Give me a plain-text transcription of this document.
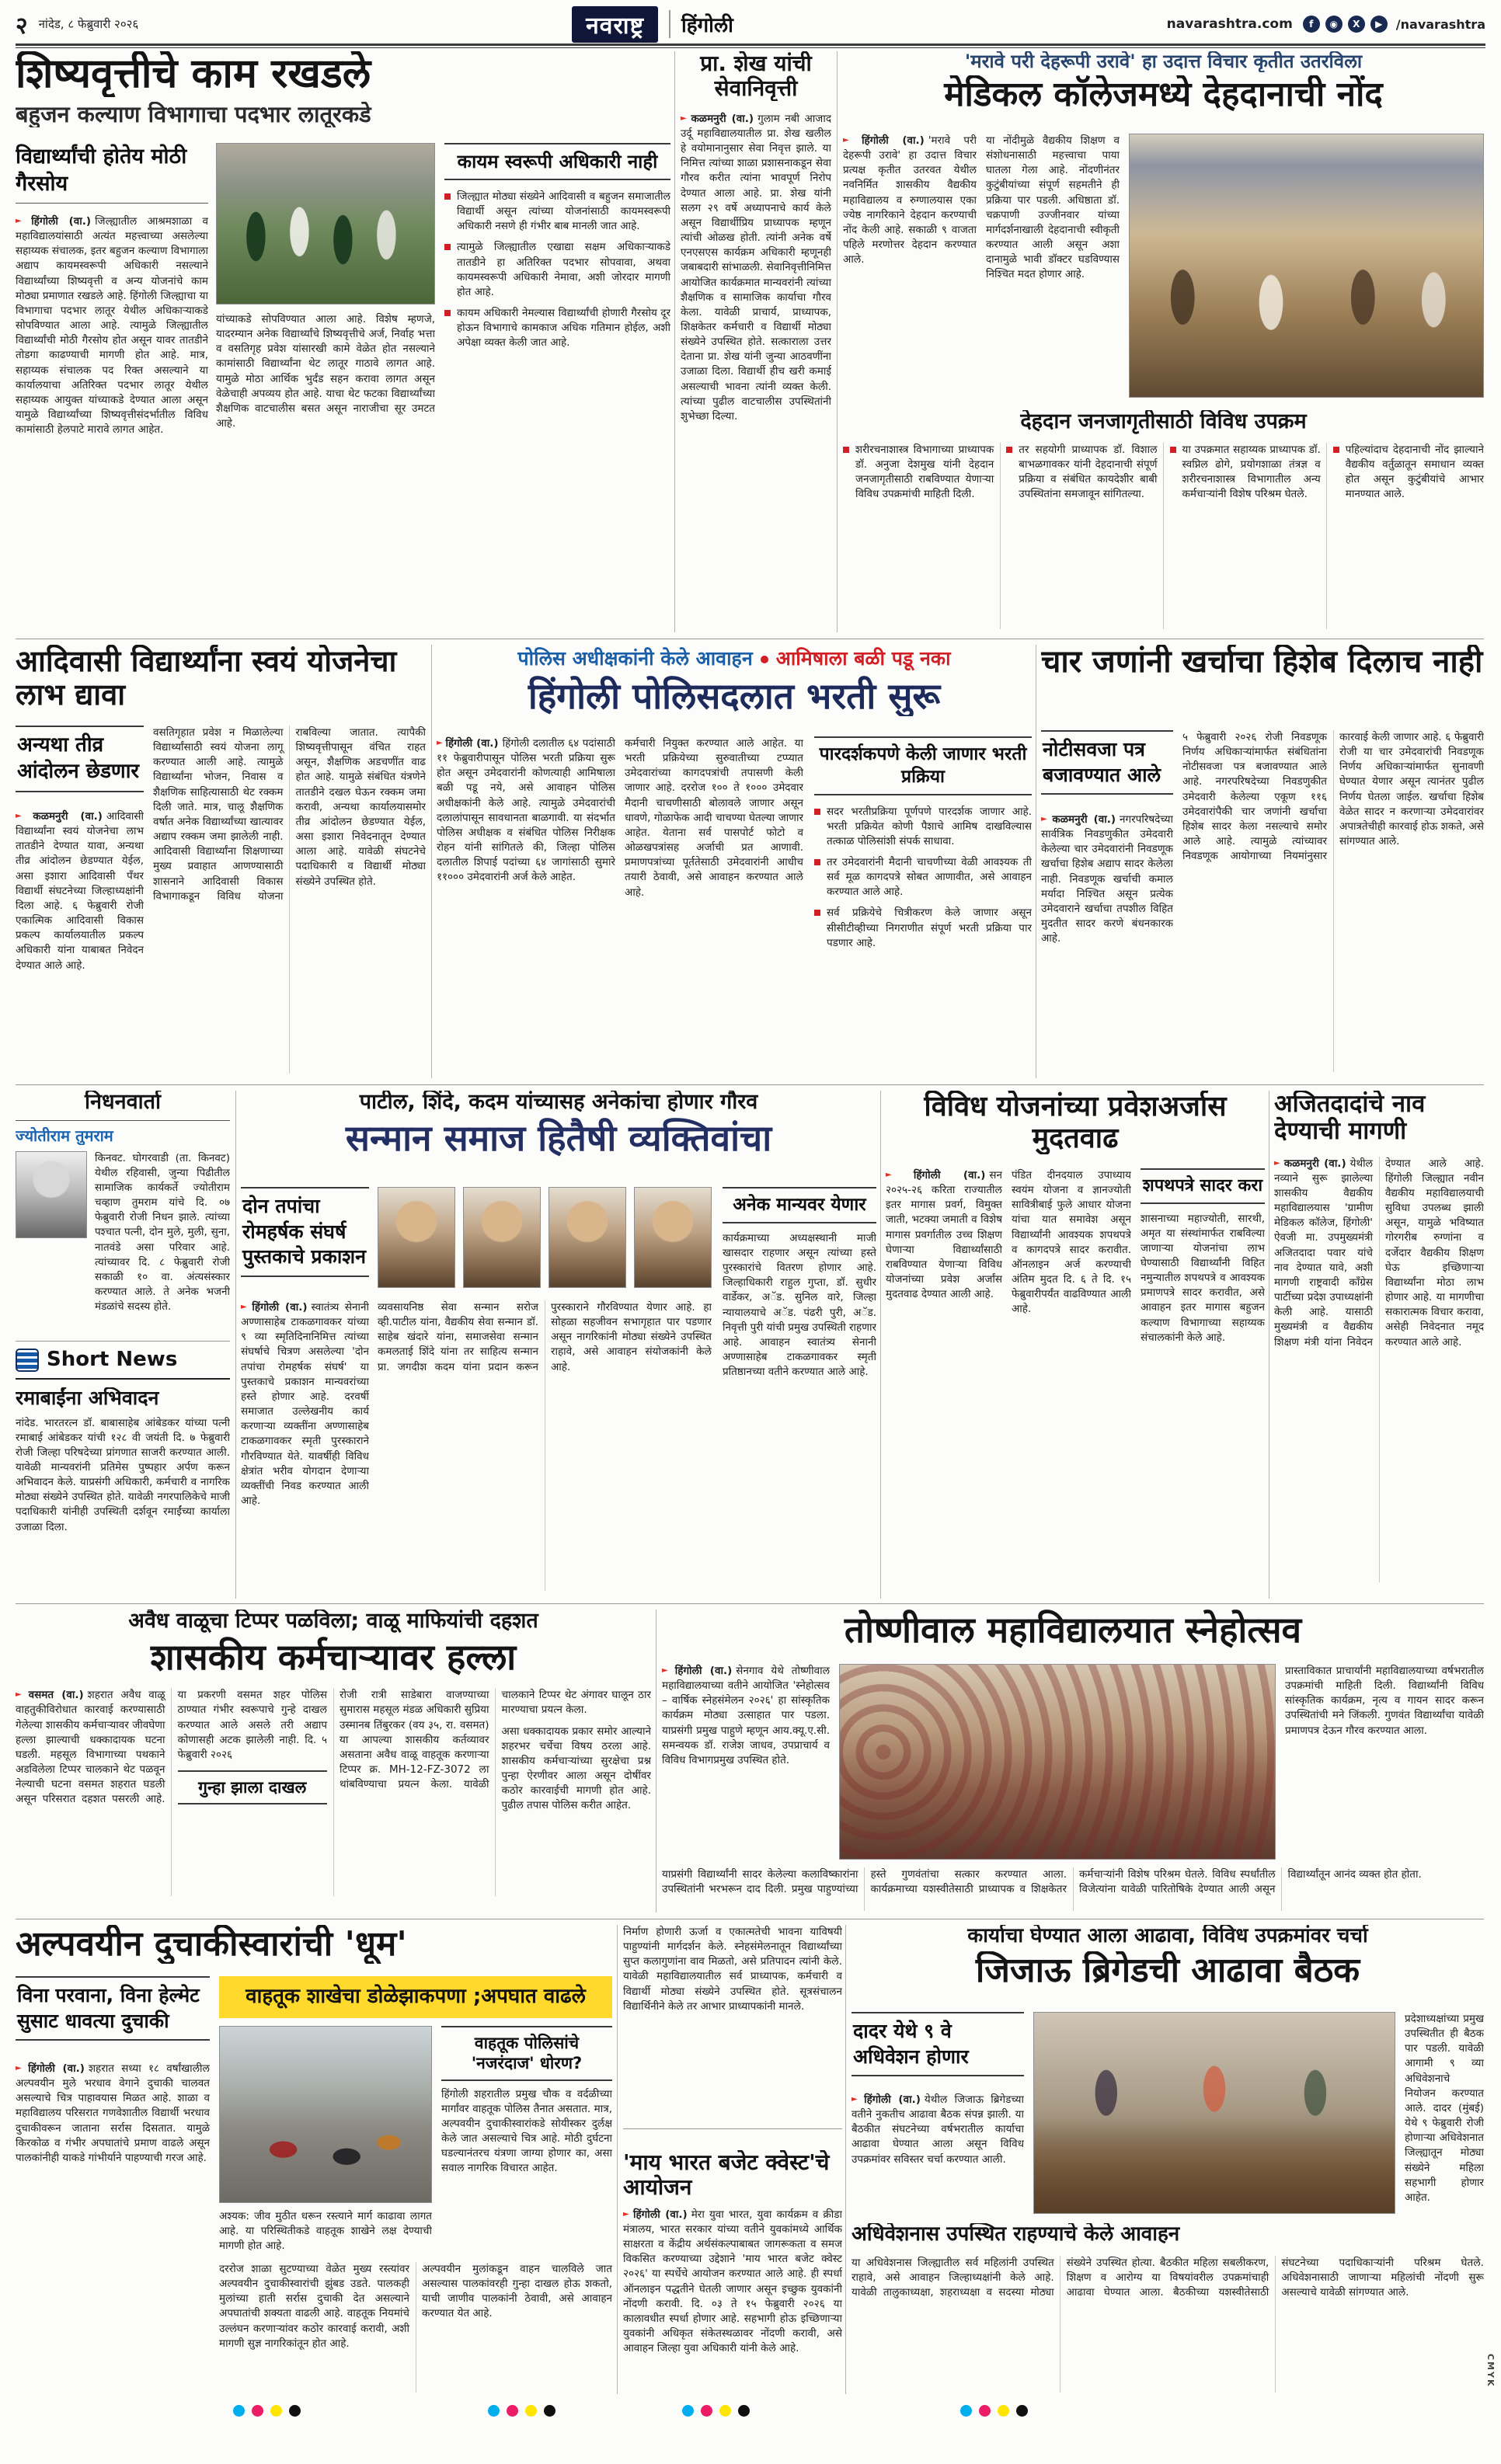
२ नांदेड, ८ फेब्रुवारी २०२६	नवराष्ट्र	हिंगोली	navarashtra.com	f	◉	X	▶	/navarashtra
शिष्यवृत्तीचे काम रखडले
बहुजन कल्याण विभागाचा पदभार लातूरकडे
विद्यार्थ्यांची होतेय मोठी गैरसोय

► हिंगोली (वा.) जिल्ह्यातील आश्रमशाळा व महाविद्यालयांसाठी अत्यंत महत्त्वाच्या असलेल्या सहाय्यक संचालक, इतर बहुजन कल्याण विभागाला अद्याप कायमस्वरूपी अधिकारी नसल्याने विद्यार्थ्यांच्या शिष्यवृत्ती व अन्य योजनांचे काम मोठ्या प्रमाणात रखडले आहे. हिंगोली जिल्ह्याचा या विभागाचा पदभार लातूर येथील अधिकाऱ्याकडे सोपविण्यात आला आहे. त्यामुळे जिल्ह्यातील विद्यार्थ्यांची मोठी गैरसोय होत असून यावर तातडीने तोडगा काढण्याची मागणी होत आहे. मात्र, सहाय्यक संचालक पद रिक्त असल्याने या कार्यालयाचा अतिरिक्त पदभार लातूर येथील सहाय्यक आयुक्त यांच्याकडे देण्यात आला असून यामुळे विद्यार्थ्यांच्या शिष्यवृत्तीसंदर्भातील विविध कामांसाठी हेलपाटे मारावे लागत आहेत.

यांच्याकडे सोपविण्यात आला आहे. विशेष म्हणजे, यादरम्यान अनेक विद्यार्थ्यांचे शिष्यवृत्तीचे अर्ज, निर्वाह भत्ता व वसतिगृह प्रवेश यांसारखी कामे वेळेत होत नसल्याने कामांसाठी विद्यार्थ्यांना थेट लातूर गाठावे लागत आहे. यामुळे मोठा आर्थिक भुर्दंड सहन करावा लागत असून वेळेचाही अपव्यय होत आहे. याचा थेट फटका विद्यार्थ्यांच्या शैक्षणिक वाटचालीस बसत असून नाराजीचा सूर उमटत आहे.

कायम स्वरूपी अधिकारी नाही

जिल्ह्यात मोठ्या संख्येने आदिवासी व बहुजन समाजातील विद्यार्थी असून त्यांच्या योजनांसाठी कायमस्वरूपी अधिकारी नसणे ही गंभीर बाब मानली जात आहे.

त्यामुळे जिल्ह्यातील एखाद्या सक्षम अधिकाऱ्याकडे तातडीने हा अतिरिक्त पदभार सोपवावा, अथवा कायमस्वरूपी अधिकारी नेमावा, अशी जोरदार मागणी होत आहे.

कायम अधिकारी नेमल्यास विद्यार्थ्यांची होणारी गैरसोय दूर होऊन विभागाचे कामकाज अधिक गतिमान होईल, अशी अपेक्षा व्यक्त केली जात आहे.

प्रा. शेख यांची सेवानिवृत्ती

► कळमनुरी (वा.) गुलाम नबी आजाद उर्दू महाविद्यालयातील प्रा. शेख खलील हे वयोमानानुसार सेवा निवृत्त झाले. या निमित्त त्यांच्या शाळा प्रशासनाकडून सेवा गौरव करीत त्यांना भावपूर्ण निरोप देण्यात आला आहे. प्रा. शेख यांनी सलग २९ वर्षे अध्यापनाचे कार्य केले असून विद्यार्थीप्रिय प्राध्यापक म्हणून त्यांची ओळख होती. त्यांनी अनेक वर्षे एनएसएस कार्यक्रम अधिकारी म्हणूनही जबाबदारी सांभाळली. सेवानिवृत्तीनिमित्त आयोजित कार्यक्रमात मान्यवरांनी त्यांच्या शैक्षणिक व सामाजिक कार्याचा गौरव केला. यावेळी प्राचार्य, प्राध्यापक, शिक्षकेतर कर्मचारी व विद्यार्थी मोठ्या संख्येने उपस्थित होते. सत्काराला उत्तर देताना प्रा. शेख यांनी जुन्या आठवणींना उजाळा दिला. विद्यार्थी हीच खरी कमाई असल्याची भावना त्यांनी व्यक्त केली. त्यांच्या पुढील वाटचालीस उपस्थितांनी शुभेच्छा दिल्या.

'मरावे परी देहरूपी उरावे' हा उदात्त विचार कृतीत उतरविला
मेडिकल कॉलेजमध्ये देहदानाची नोंद

► हिंगोली (वा.) 'मरावे परी देहरूपी उरावे' हा उदात्त विचार प्रत्यक्ष कृतीत उतरवत येथील नवनिर्मित शासकीय वैद्यकीय महाविद्यालय व रुग्णालयास एका ज्येष्ठ नागरिकाने देहदान करण्याची नोंद केली आहे. सकाळी ९ वाजता पहिले मरणोत्तर देहदान करण्यात आले.

या नोंदीमुळे वैद्यकीय शिक्षण व संशोधनासाठी महत्त्वाचा पाया घातला गेला आहे. नोंदणीनंतर कुटुंबीयांच्या संपूर्ण सहमतीने ही प्रक्रिया पार पडली. अधिष्ठाता डॉ. चक्रपाणी उज्जीनवार यांच्या मार्गदर्शनाखाली देहदानाची स्वीकृती करण्यात आली असून अशा दानामुळे भावी डॉक्टर घडविण्यास निश्चित मदत होणार आहे.

देहदान जनजागृतीसाठी विविध उपक्रम

शरीरचनाशास्त्र विभागाच्या प्राध्यापक डॉ. अनुजा देशमुख यांनी देहदान जनजागृतीसाठी राबविण्यात येणाऱ्या विविध उपक्रमांची माहिती दिली.

तर सहयोगी प्राध्यापक डॉ. विशाल बाभळगावकर यांनी देहदानाची संपूर्ण प्रक्रिया व संबंधित कायदेशीर बाबी उपस्थितांना समजावून सांगितल्या.

या उपक्रमात सहाय्यक प्राध्यापक डॉ. स्वप्निल ढोगे, प्रयोगशाळा तंत्रज्ञ व शरीरचनाशास्त्र विभागातील अन्य कर्मचाऱ्यांनी विशेष परिश्रम घेतले.

पहिल्यांदाच देहदानाची नोंद झाल्याने वैद्यकीय वर्तुळातून समाधान व्यक्त होत असून कुटुंबीयांचे आभार मानण्यात आले.

आदिवासी विद्यार्थ्यांना स्वयं योजनेचा लाभ द्यावा
अन्यथा तीव्र आंदोलन छेडणार

► कळमनुरी (वा.) आदिवासी विद्यार्थ्यांना स्वयं योजनेचा लाभ तातडीने देण्यात यावा, अन्यथा तीव्र आंदोलन छेडण्यात येईल, असा इशारा आदिवासी पँथर विद्यार्थी संघटनेच्या जिल्हाध्यक्षांनी दिला आहे. ६ फेब्रुवारी रोजी एकात्मिक आदिवासी विकास प्रकल्प कार्यालयातील प्रकल्प अधिकारी यांना याबाबत निवेदन देण्यात आले आहे.

वसतिगृहात प्रवेश न मिळालेल्या विद्यार्थ्यांसाठी स्वयं योजना लागू करण्यात आली आहे. त्यामुळे विद्यार्थ्यांना भोजन, निवास व शैक्षणिक साहित्यासाठी थेट रक्कम दिली जाते. मात्र, चालू शैक्षणिक वर्षात अनेक विद्यार्थ्यांच्या खात्यावर अद्याप रक्कम जमा झालेली नाही. आदिवासी विद्यार्थ्यांना शिक्षणाच्या मुख्य प्रवाहात आणण्यासाठी शासनाने आदिवासी विकास विभागाकडून विविध योजना राबविल्या जातात. त्यापैकी शिष्यवृत्तीपासून वंचित राहत असून, शैक्षणिक अडचणींत वाढ होत आहे. यामुळे संबंधित यंत्रणेने तातडीने दखल घेऊन रक्कम जमा करावी, अन्यथा कार्यालयासमोर तीव्र आंदोलन छेडण्यात येईल, असा इशारा निवेदनातून देण्यात आला आहे. यावेळी संघटनेचे पदाधिकारी व विद्यार्थी मोठ्या संख्येने उपस्थित होते.
पोलिस अधीक्षकांनी केले आवाहन आमिषाला बळी पडू नका
हिंगोली पोलिसदलात भरती सुरू

► हिंगोली (वा.) हिंगोली दलातील ६४ पदांसाठी ११ फेब्रुवारीपासून पोलिस भरती प्रक्रिया सुरू होत असून उमेदवारांनी कोणत्याही आमिषाला बळी पडू नये, असे आवाहन पोलिस अधीक्षकांनी केले आहे. त्यामुळे उमेदवारांची दलालांपासून सावधानता बाळगावी. या संदर्भात पोलिस अधीक्षक व संबंधित पोलिस निरीक्षक रोहन यांनी सांगितले की, जिल्हा पोलिस दलातील शिपाई पदांच्या ६४ जागांसाठी सुमारे ११००० उमेदवारांनी अर्ज केले आहेत.

कर्मचारी नियुक्त करण्यात आले आहेत. या भरती प्रक्रियेच्या सुरुवातीच्या टप्प्यात उमेदवारांच्या कागदपत्रांची तपासणी केली जाणार आहे. दररोज १०० ते १००० उमेदवार मैदानी चाचणीसाठी बोलावले जाणार असून धावणे, गोळाफेक आदी चाचण्या घेतल्या जाणार आहेत. येताना सर्व पासपोर्ट फोटो व ओळखपत्रांसह अर्जाची प्रत आणावी. प्रमाणपत्रांच्या पूर्ततेसाठी उमेदवारांनी आधीच तयारी ठेवावी, असे आवाहन करण्यात आले आहे.

पारदर्शकपणे केली जाणार भरती प्रक्रिया

सदर भरतीप्रक्रिया पूर्णपणे पारदर्शक जाणार आहे. भरती प्रक्रियेत कोणी पैशाचे आमिष दाखविल्यास तत्काळ पोलिसांशी संपर्क साधावा.

तर उमेदवारांनी मैदानी चाचणीच्या वेळी आवश्यक ती सर्व मूळ कागदपत्रे सोबत आणावीत, असे आवाहन करण्यात आले आहे.

सर्व प्रक्रियेचे चित्रीकरण केले जाणार असून सीसीटीव्हीच्या निगराणीत संपूर्ण भरती प्रक्रिया पार पडणार आहे.

चार जणांनी खर्चाचा हिशेब दिलाच नाही
नोटीसवजा पत्र बजावण्यात आले

► कळमनुरी (वा.) नगरपरिषदेच्या सार्वत्रिक निवडणुकीत उमेदवारी केलेल्या चार उमेदवारांनी निवडणूक खर्चाचा हिशेब अद्याप सादर केलेला नाही. निवडणूक खर्चाची कमाल मर्यादा निश्चित असून प्रत्येक उमेदवाराने खर्चाचा तपशील विहित मुदतीत सादर करणे बंधनकारक आहे.

५ फेब्रुवारी २०२६ रोजी निवडणूक निर्णय अधिकाऱ्यांमार्फत संबंधितांना नोटीसवजा पत्र बजावण्यात आले आहे. नगरपरिषदेच्या निवडणुकीत उमेदवारी केलेल्या एकूण ११६ उमेदवारांपैकी चार जणांनी खर्चाचा हिशेब सादर केला नसल्याचे समोर आले आहे. त्यामुळे त्यांच्यावर निवडणूक आयोगाच्या नियमांनुसार कारवाई केली जाणार आहे. ६ फेब्रुवारी रोजी या चार उमेदवारांची निवडणूक निर्णय अधिकाऱ्यांमार्फत सुनावणी घेण्यात येणार असून त्यानंतर पुढील निर्णय घेतला जाईल. खर्चाचा हिशेब वेळेत सादर न करणाऱ्या उमेदवारांवर अपात्रतेचीही कारवाई होऊ शकते, असे सांगण्यात आले.
निधनवार्ता
ज्योतीराम तुमराम

किनवट. घोगरवाडी (ता. किनवट) येथील रहिवासी, जुन्या पिढीतील सामाजिक कार्यकर्ते ज्योतीराम चव्हाण तुमराम यांचे दि. ०७ फेब्रुवारी रोजी निधन झाले. त्यांच्या पश्चात पत्नी, दोन मुले, मुली, सुना, नातवंडे असा परिवार आहे. त्यांच्यावर दि. ८ फेब्रुवारी रोजी सकाळी १० वा. अंत्यसंस्कार करण्यात आले. ते अनेक भजनी मंडळांचे सदस्य होते.

Short News
रमाबाईंना अभिवादन

नांदेड. भारतरत्न डॉ. बाबासाहेब आंबेडकर यांच्या पत्नी रमाबाई आंबेडकर यांची १२८ वी जयंती दि. ७ फेब्रुवारी रोजी जिल्हा परिषदेच्या प्रांगणात साजरी करण्यात आली. यावेळी मान्यवरांनी प्रतिमेस पुष्पहार अर्पण करून अभिवादन केले. याप्रसंगी अधिकारी, कर्मचारी व नागरिक मोठ्या संख्येने उपस्थित होते. यावेळी नगरपालिकेचे माजी पदाधिकारी यांनीही उपस्थिती दर्शवून रमाईंच्या कार्याला उजाळा दिला.

पाटील, शिंदे, कदम यांच्यासह अनेकांचा होणार गौरव
सन्मान समाज हितैषी व्यक्तिवांचा
दोन तपांचा रोमहर्षक संघर्ष पुस्तकाचे प्रकाशन
अनेक मान्यवर येणार

कार्यक्रमाच्या अध्यक्षस्थानी माजी खासदार राहणार असून त्यांच्या हस्ते पुरस्कारांचे वितरण होणार आहे. जिल्हाधिकारी राहुल गुप्ता, डॉ. सुधीर वार्डेकर, अॅड. सुनिल वारे, जिल्हा न्यायालयाचे अॅड. पंढरी पुरी, अॅड. निवृत्ती पुरी यांची प्रमुख उपस्थिती राहणार आहे. आवाहन स्वातंत्र्य सेनानी अण्णासाहेब टाकळगावकर स्मृती प्रतिष्ठानच्या वतीने करण्यात आले आहे.

► हिंगोली (वा.) स्वातंत्र्य सेनानी अण्णासाहेब टाकळगावकर यांच्या ९ व्या स्मृतिदिनानिमित्त त्यांच्या संघर्षाचे चित्रण असलेल्या 'दोन तपांचा रोमहर्षक संघर्ष' या पुस्तकाचे प्रकाशन मान्यवरांच्या हस्ते होणार आहे. दरवर्षी समाजात उल्लेखनीय कार्य करणाऱ्या व्यक्तींना अण्णासाहेब टाकळगावकर स्मृती पुरस्काराने गौरविण्यात येते. यावर्षीही विविध क्षेत्रांत भरीव योगदान देणाऱ्या व्यक्तींची निवड करण्यात आली आहे.

व्यवसायनिष्ठ सेवा सन्मान सरोज व्ही.पाटील यांना, वैद्यकीय सेवा सन्मान डॉ. साहेब खंदारे यांना, समाजसेवा सन्मान कमलताई शिंदे यांना तर साहित्य सन्मान प्रा. जगदीश कदम यांना प्रदान करून पुरस्काराने गौरविण्यात येणार आहे. हा सोहळा सहजीवन सभागृहात पार पडणार असून नागरिकांनी मोठ्या संख्येने उपस्थित राहावे, असे आवाहन संयोजकांनी केले आहे.
विविध योजनांच्या प्रवेशअर्जास मुदतवाढ

► हिंगोली (वा.) सन २०२५-२६ करिता राज्यातील इतर मागास प्रवर्ग, विमुक्त जाती, भटक्या जमाती व विशेष मागास प्रवर्गातील उच्च शिक्षण घेणाऱ्या विद्यार्थ्यांसाठी राबविण्यात येणाऱ्या विविध योजनांच्या प्रवेश अर्जांस मुदतवाढ देण्यात आली आहे.

पंडित दीनदयाल उपाध्याय स्वयंम योजना व ज्ञानज्योती सावित्रीबाई फुले आधार योजना यांचा यात समावेश असून विद्यार्थ्यांनी आवश्यक शपथपत्रे व कागदपत्रे सादर करावीत. ऑनलाइन अर्ज करण्याची अंतिम मुदत दि. ६ ते दि. १५ फेब्रुवारीपर्यंत वाढविण्यात आली आहे.

शपथपत्रे सादर करा

शासनाच्या महाज्योती, सारथी, अमृत या संस्थांमार्फत राबविल्या जाणाऱ्या योजनांचा लाभ घेण्यासाठी विद्यार्थ्यांनी विहित नमुन्यातील शपथपत्रे व आवश्यक प्रमाणपत्रे सादर करावीत, असे आवाहन इतर मागास बहुजन कल्याण विभागाच्या सहाय्यक संचालकांनी केले आहे.

अजितदादांचे नाव देण्याची मागणी

► कळमनुरी (वा.) येथील नव्याने सुरू झालेल्या शासकीय वैद्यकीय महाविद्यालयास 'ग्रामीण मेडिकल कॉलेज, हिंगोली' ऐवजी मा. उपमुख्यमंत्री अजितदादा पवार यांचे नाव देण्यात यावे, अशी मागणी राष्ट्रवादी काँग्रेस पार्टीच्या प्रदेश उपाध्यक्षांनी केली आहे. यासाठी मुख्यमंत्री व वैद्यकीय शिक्षण मंत्री यांना निवेदन देण्यात आले आहे. हिंगोली जिल्ह्यात नवीन वैद्यकीय महाविद्यालयाची सुविधा उपलब्ध झाली असून, यामुळे भविष्यात गोरगरीब रुग्णांना व दर्जेदार वैद्यकीय शिक्षण घेऊ इच्छिणाऱ्या विद्यार्थ्यांना मोठा लाभ होणार आहे. या मागणीचा सकारात्मक विचार करावा, असेही निवेदनात नमूद करण्यात आले आहे.

अवैध वाळूचा टिप्पर पळविला; वाळू माफियांची दहशत
शासकीय कर्मचाऱ्यावर हल्ला

► वसमत (वा.) शहरात अवैध वाळू वाहतुकीविरोधात कारवाई करण्यासाठी गेलेल्या शासकीय कर्मचाऱ्यावर जीवघेणा हल्ला झाल्याची धक्कादायक घटना घडली. महसूल विभागाच्या पथकाने अडविलेला टिप्पर चालकाने थेट पळवून नेल्याची घटना वसमत शहरात घडली असून परिसरात दहशत पसरली आहे. या प्रकरणी वसमत शहर पोलिस ठाण्यात गंभीर स्वरूपाचे गुन्हे दाखल करण्यात आले असले तरी अद्याप कोणासही अटक झालेली नाही. दि. ५ फेब्रुवारी २०२६

गुन्हा झाला दाखल

रोजी रात्री साडेबारा वाजण्याच्या सुमारास महसूल मंडळ अधिकारी सुप्रिया उस्मानब तिंबुरकर (वय ३५, रा. वसमत) या आपल्या शासकीय कर्तव्यावर असताना अवैध वाळू वाहतूक करणाऱ्या टिप्पर क्र. MH-12-FZ-3072 ला थांबविण्याचा प्रयत्न केला. यावेळी चालकाने टिप्पर थेट अंगावर घालून ठार मारण्याचा प्रयत्न केला.

असा धक्कादायक प्रकार समोर आल्याने शहरभर चर्चेचा विषय ठरला आहे. शासकीय कर्मचाऱ्यांच्या सुरक्षेचा प्रश्न पुन्हा ऐरणीवर आला असून दोषींवर कठोर कारवाईची मागणी होत आहे. पुढील तपास पोलिस करीत आहेत.

तोष्णीवाल महाविद्यालयात स्नेहोत्सव

► हिंगोली (वा.) सेनगाव येथे तोष्णीवाल महाविद्यालयाच्या वतीने आयोजित 'स्नेहोत्सव – वार्षिक स्नेहसंमेलन २०२६' हा सांस्कृतिक कार्यक्रम मोठ्या उत्साहात पार पडला. याप्रसंगी प्रमुख पाहुणे म्हणून आय.क्यू.ए.सी. समन्वयक डॉ. राजेश जाधव, उपप्राचार्य व विविध विभागप्रमुख उपस्थित होते.

प्रास्ताविकात प्राचार्यांनी महाविद्यालयाच्या वर्षभरातील उपक्रमांची माहिती दिली. विद्यार्थ्यांनी विविध सांस्कृतिक कार्यक्रम, नृत्य व गायन सादर करून उपस्थितांची मने जिंकली. गुणवंत विद्यार्थ्यांचा यावेळी प्रमाणपत्र देऊन गौरव करण्यात आला.

याप्रसंगी विद्यार्थ्यांनी सादर केलेल्या कलाविष्कारांना उपस्थितांनी भरभरून दाद दिली. प्रमुख पाहुण्यांच्या हस्ते गुणवंतांचा सत्कार करण्यात आला. कार्यक्रमाच्या यशस्वीतेसाठी प्राध्यापक व शिक्षकेतर कर्मचाऱ्यांनी विशेष परिश्रम घेतले. विविध स्पर्धांतील विजेत्यांना यावेळी पारितोषिके देण्यात आली असून विद्यार्थ्यांतून आनंद व्यक्त होत होता.
अल्पवयीन दुचाकीस्वारांची 'धूम'
विना परवाना, विना हेल्मेट सुसाट धावत्या दुचाकी

► हिंगोली (वा.) शहरात सध्या १८ वर्षांखालील अल्पवयीन मुले भरधाव वेगाने दुचाकी चालवत असल्याचे चित्र पाहावयास मिळत आहे. शाळा व महाविद्यालय परिसरात गणवेशातील विद्यार्थी भरधाव दुचाकीवरून जाताना सर्रास दिसतात. यामुळे किरकोळ व गंभीर अपघातांचे प्रमाण वाढले असून पालकांनीही याकडे गांभीर्याने पाहण्याची गरज आहे.

वाहतूक शाखेचा डोळेझाकपणा ;अपघात वाढले

अश्यक: जीव मुठीत धरून रस्त्याने मार्ग काढावा लागत आहे. या परिस्थितीकडे वाहतूक शाखेने लक्ष देण्याची मागणी होत आहे.

वाहतूक पोलिसांचे 'नजरंदाज' धोरण?

हिंगोली शहरातील प्रमुख चौक व वर्दळीच्या मार्गांवर वाहतूक पोलिस तैनात असतात. मात्र, अल्पवयीन दुचाकीस्वारांकडे सोयीस्कर दुर्लक्ष केले जात असल्याचे चित्र आहे. मोठी दुर्घटना घडल्यानंतरच यंत्रणा जाग्या होणार का, असा सवाल नागरिक विचारत आहेत.

दररोज शाळा सुटण्याच्या वेळेत मुख्य रस्त्यांवर अल्पवयीन दुचाकीस्वारांची झुंबड उडते. पालकही मुलांच्या हाती सर्रास दुचाकी देत असल्याने अपघातांची शक्यता वाढली आहे. वाहतूक नियमांचे उल्लंघन करणाऱ्यांवर कठोर कारवाई करावी, अशी मागणी सुज्ञ नागरिकांतून होत आहे.

अल्पवयीन मुलांकडून वाहन चालविले जात असल्यास पालकांवरही गुन्हा दाखल होऊ शकतो, याची जाणीव पालकांनी ठेवावी, असे आवाहन करण्यात येत आहे.

निर्माण होणारी ऊर्जा व एकात्मतेची भावना याविषयी पाहुण्यांनी मार्गदर्शन केले. स्नेहसंमेलनातून विद्यार्थ्यांच्या सुप्त कलागुणांना वाव मिळतो, असे प्रतिपादन त्यांनी केले. यावेळी महाविद्यालयातील सर्व प्राध्यापक, कर्मचारी व विद्यार्थी मोठ्या संख्येने उपस्थित होते. सूत्रसंचालन विद्यार्थिनीने केले तर आभार प्राध्यापकांनी मानले.

'माय भारत बजेट क्वेस्ट'चे आयोजन

► हिंगोली (वा.) मेरा युवा भारत, युवा कार्यक्रम व क्रीडा मंत्रालय, भारत सरकार यांच्या वतीने युवकांमध्ये आर्थिक साक्षरता व केंद्रीय अर्थसंकल्पाबाबत जागरूकता व समज विकसित करण्याच्या उद्देशाने 'माय भारत बजेट क्वेस्ट २०२६' या स्पर्धेचे आयोजन करण्यात आले आहे. ही स्पर्धा ऑनलाइन पद्धतीने घेतली जाणार असून इच्छुक युवकांनी नोंदणी करावी. दि. ०३ ते १५ फेब्रुवारी २०२६ या कालावधीत स्पर्धा होणार आहे. सहभागी होऊ इच्छिणाऱ्या युवकांनी अधिकृत संकेतस्थळावर नोंदणी करावी, असे आवाहन जिल्हा युवा अधिकारी यांनी केले आहे.

कार्याचा घेण्यात आला आढावा, विविध उपक्रमांवर चर्चा
जिजाऊ ब्रिगेडची आढावा बैठक
दादर येथे ९ वे अधिवेशन होणार

► हिंगोली (वा.) येथील जिजाऊ ब्रिगेडच्या वतीने नुकतीच आढावा बैठक संपन्न झाली. या बैठकीत संघटनेच्या वर्षभरातील कार्याचा आढावा घेण्यात आला असून विविध उपक्रमांवर सविस्तर चर्चा करण्यात आली.

प्रदेशाध्यक्षांच्या प्रमुख उपस्थितीत ही बैठक पार पडली. यावेळी आगामी ९ व्या अधिवेशनाचे नियोजन करण्यात आले. दादर (मुंबई) येथे ९ फेब्रुवारी रोजी होणाऱ्या अधिवेशनात जिल्ह्यातून मोठ्या संख्येने महिला सहभागी होणार आहेत.

अधिवेशनास उपस्थित राहण्याचे केले आवाहन
या अधिवेशनास जिल्ह्यातील सर्व महिलांनी उपस्थित राहावे, असे आवाहन जिल्हाध्यक्षांनी केले आहे. यावेळी तालुकाध्यक्षा, शहराध्यक्षा व सदस्या मोठ्या संख्येने उपस्थित होत्या. बैठकीत महिला सबलीकरण, शिक्षण व आरोग्य या विषयांवरील उपक्रमांचाही आढावा घेण्यात आला. बैठकीच्या यशस्वीतेसाठी संघटनेच्या पदाधिकाऱ्यांनी परिश्रम घेतले. अधिवेशनासाठी जाणाऱ्या महिलांची नोंदणी सुरू असल्याचे यावेळी सांगण्यात आले.
CMYK
